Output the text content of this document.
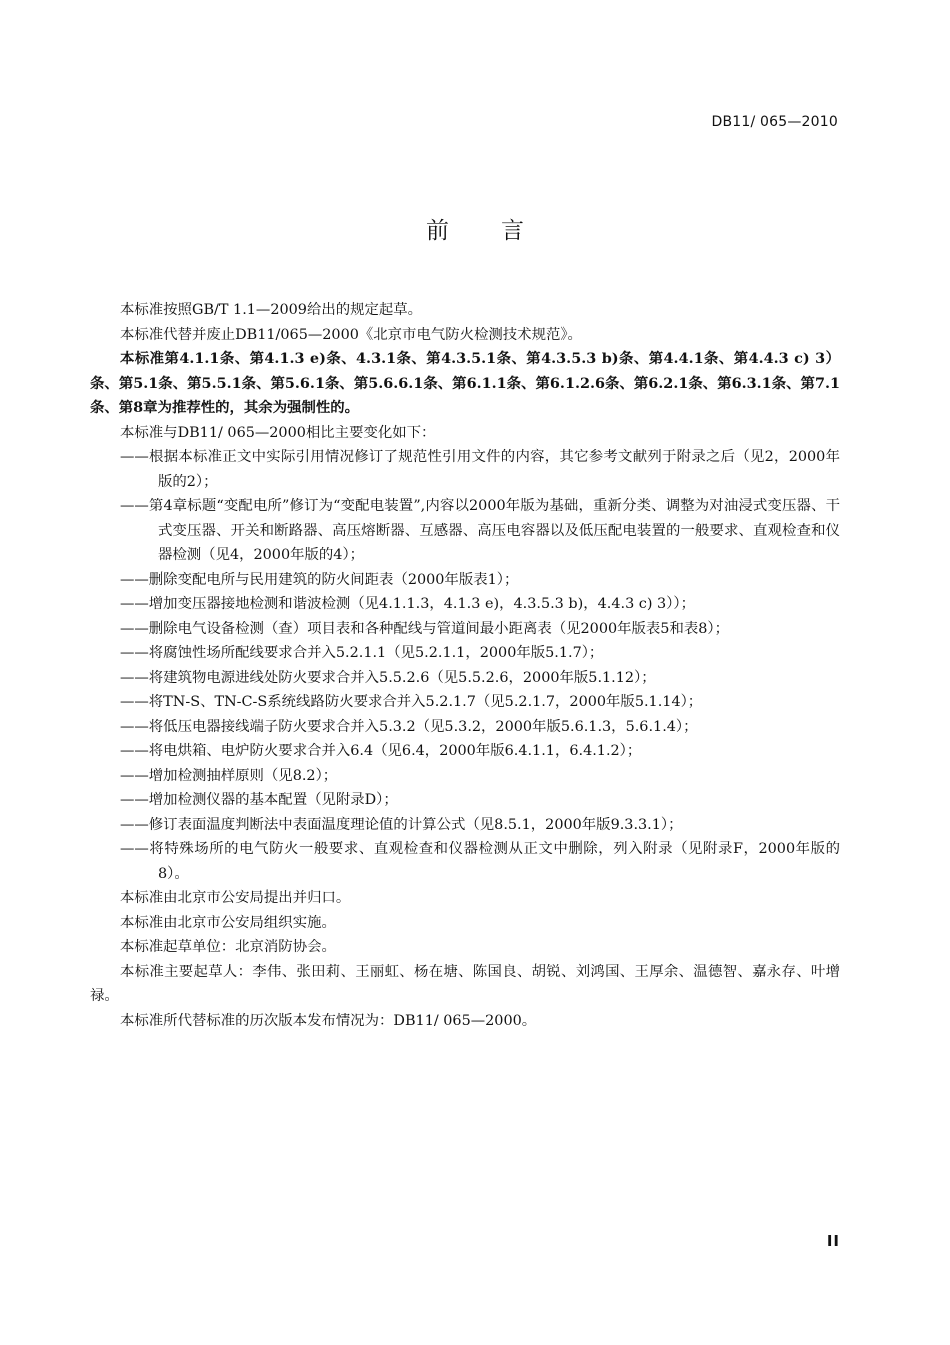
DB11/ 065—2010
前 言

本标准按照GB/T 1.1—2009给出的规定起草。

本标准代替并废止DB11/065—2000《北京市电气防火检测技术规范》。

本标准第4.1.1条、第4.1.3 e)条、4.3.1条、第4.3.5.1条、第4.3.5.3 b)条、第4.4.1条、第4.4.3 c) 3）条、第5.1条、第5.5.1条、第5.6.1条、第5.6.6.1条、第6.1.1条、第6.1.2.6条、第6.2.1条、第6.3.1条、第7.1条、第8章为推荐性的，其余为强制性的。

本标准与DB11/ 065—2000相比主要变化如下：

——根据本标准正文中实际引用情况修订了规范性引用文件的内容，其它参考文献列于附录之后（见2，2000年版的2）；

——第4章标题“变配电所”修订为“变配电装置”,内容以2000年版为基础，重新分类、调整为对油浸式变压器、干式变压器、开关和断路器、高压熔断器、互感器、高压电容器以及低压配电装置的一般要求、直观检查和仪器检测（见4，2000年版的4）；

——删除变配电所与民用建筑的防火间距表（2000年版表1）；

——增加变压器接地检测和谐波检测（见4.1.1.3，4.1.3 e)，4.3.5.3 b)，4.4.3 c) 3））；

——删除电气设备检测（查）项目表和各种配线与管道间最小距离表（见2000年版表5和表8）；

——将腐蚀性场所配线要求合并入5.2.1.1（见5.2.1.1，2000年版5.1.7）；

——将建筑物电源进线处防火要求合并入5.5.2.6（见5.5.2.6，2000年版5.1.12）；

——将TN-S、TN-C-S系统线路防火要求合并入5.2.1.7（见5.2.1.7，2000年版5.1.14）；

——将低压电器接线端子防火要求合并入5.3.2（见5.3.2，2000年版5.6.1.3，5.6.1.4）；

——将电烘箱、电炉防火要求合并入6.4（见6.4，2000年版6.4.1.1，6.4.1.2）；

——增加检测抽样原则（见8.2）；

——增加检测仪器的基本配置（见附录D）；

——修订表面温度判断法中表面温度理论值的计算公式（见8.5.1，2000年版9.3.3.1）；

——将特殊场所的电气防火一般要求、直观检查和仪器检测从正文中删除，列入附录（见附录F，2000年版的8）。

本标准由北京市公安局提出并归口。

本标准由北京市公安局组织实施。

本标准起草单位：北京消防协会。

本标准主要起草人：李伟、张田莉、王丽虹、杨在塘、陈国良、胡锐、刘鸿国、王厚余、温德智、嘉永存、叶增禄。

本标准所代替标准的历次版本发布情况为：DB11/ 065—2000。

II
